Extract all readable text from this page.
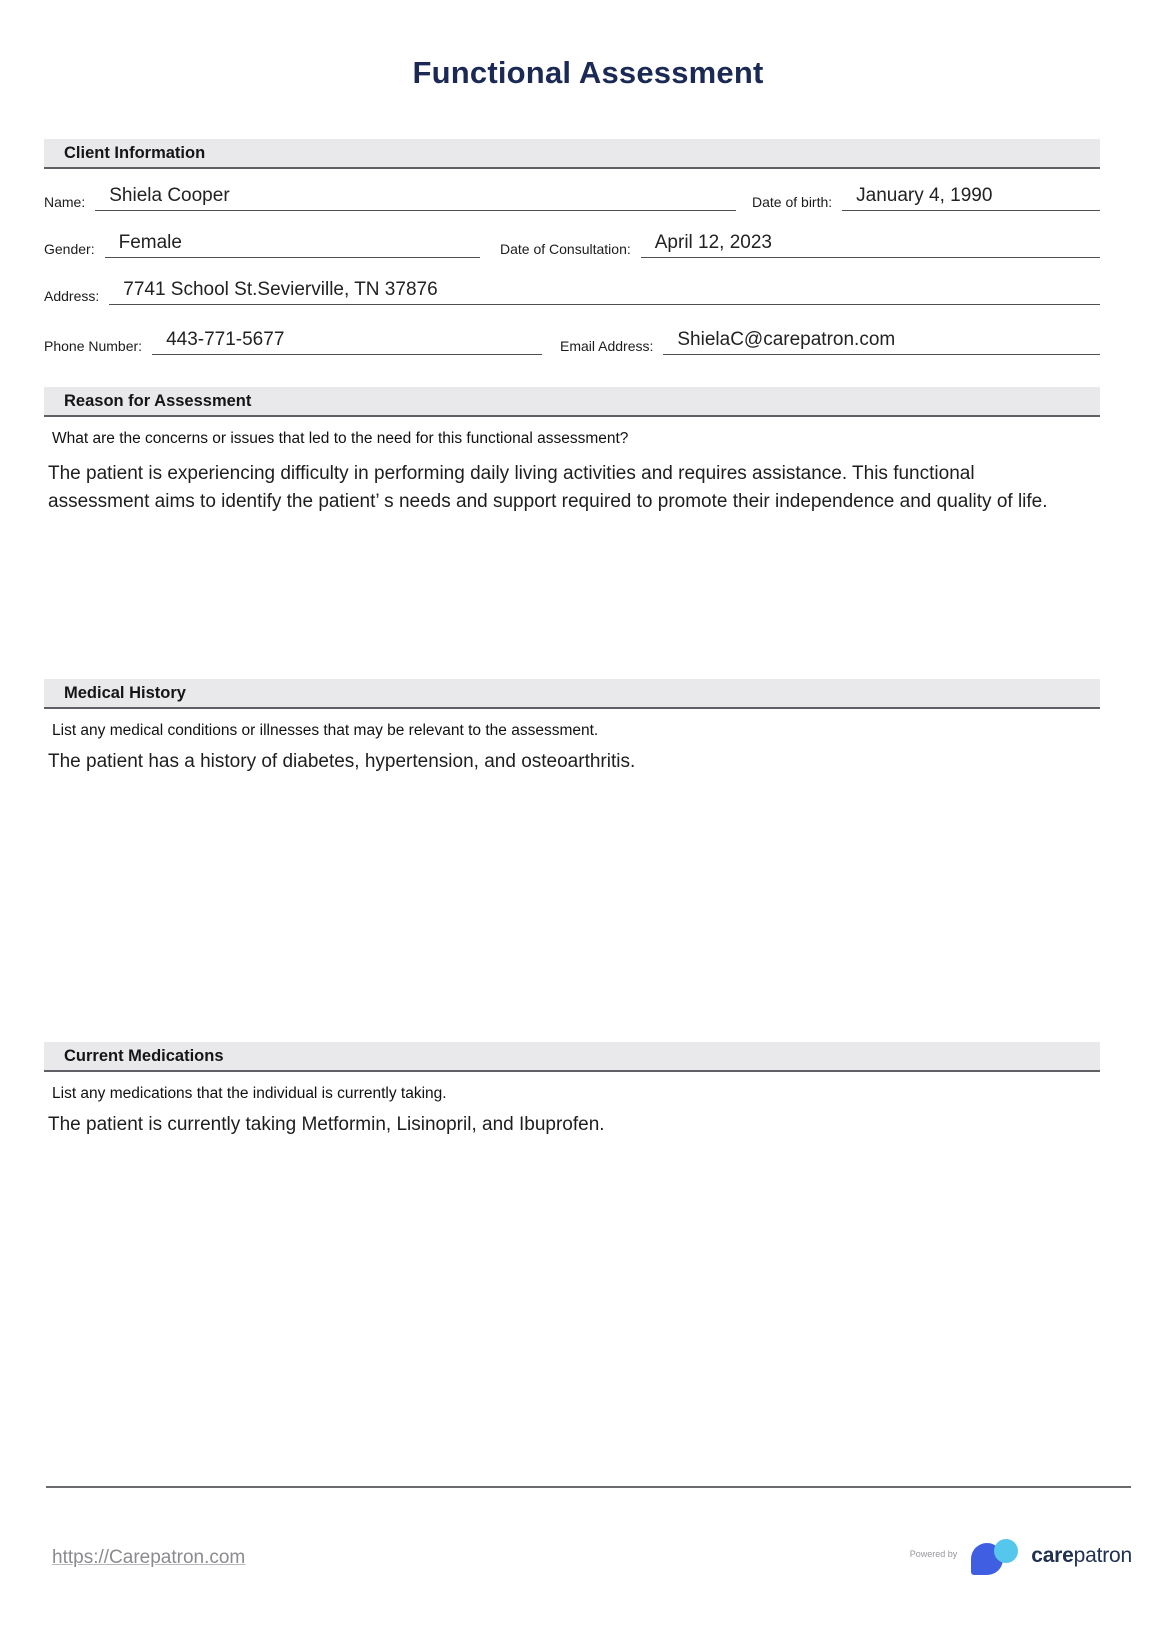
Functional Assessment
Client Information
Name:	Shiela Cooper	Date of birth:	January 4, 1990
Gender:	Female	Date of Consultation:	April 12, 2023
Address:	7741 School St.Sevierville, TN 37876
Phone Number:	443-771-5677	Email Address:	ShielaC@carepatron.com
Reason for Assessment
What are the concerns or issues that led to the need for this functional assessment?
The patient is experiencing difficulty in performing daily living activities and requires assistance. This functional assessment aims to identify the patient’ s needs and support required to promote their independence and quality of life.
Medical History
List any medical conditions or illnesses that may be relevant to the assessment.
The patient has a history of diabetes, hypertension, and osteoarthritis.
Current Medications
List any medications that the individual is currently taking.
The patient is currently taking Metformin, Lisinopril, and Ibuprofen.
https://Carepatron.com	Powered by	carepatron
